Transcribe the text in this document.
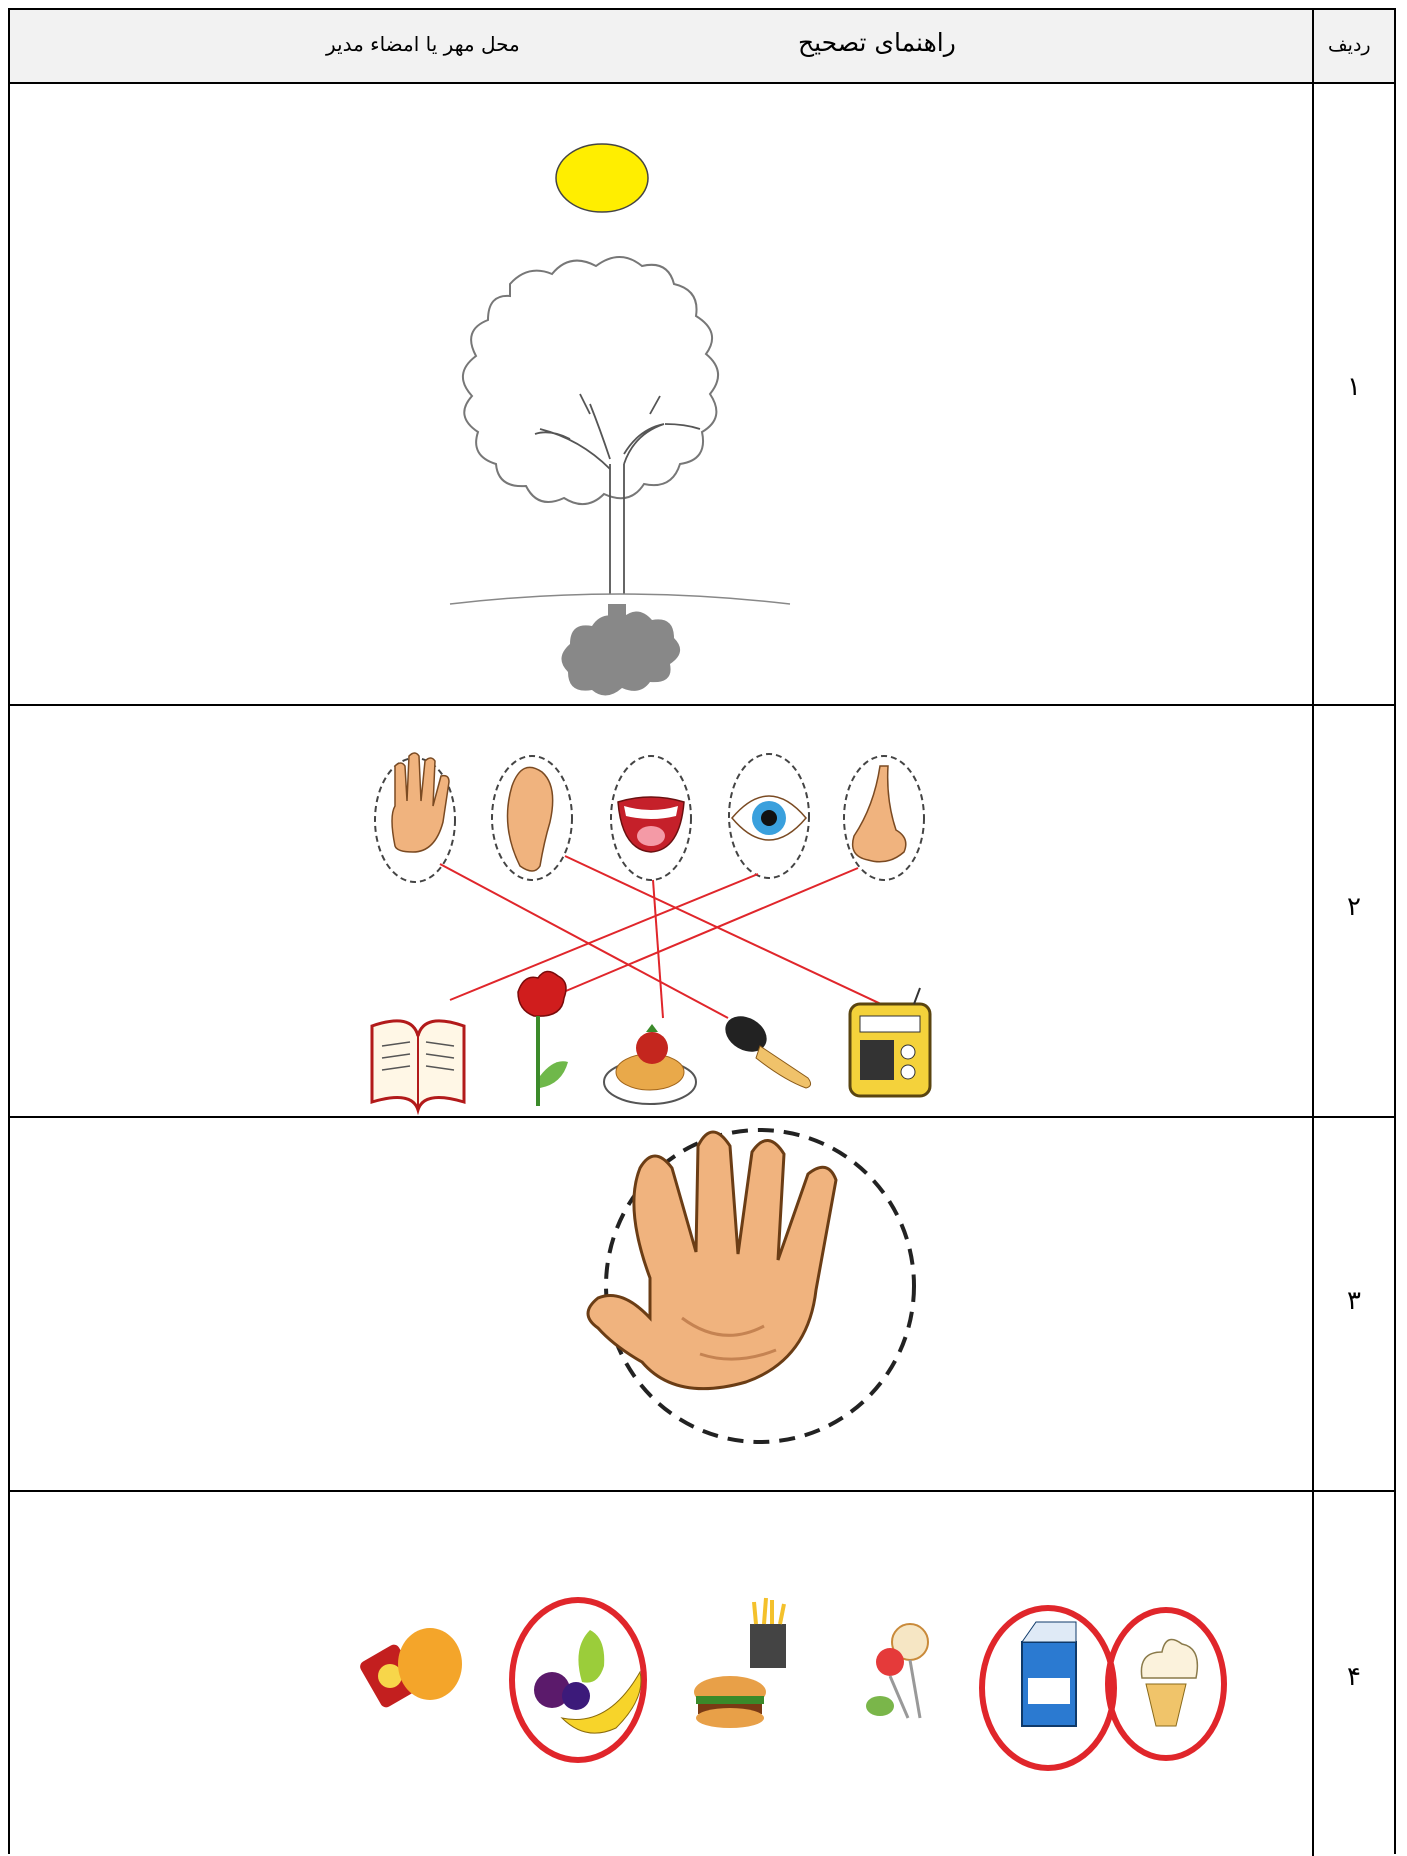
ردیف
راهنمای تصحیح
محل مهر یا امضاء مدیر
۱
۲
۳
۴
